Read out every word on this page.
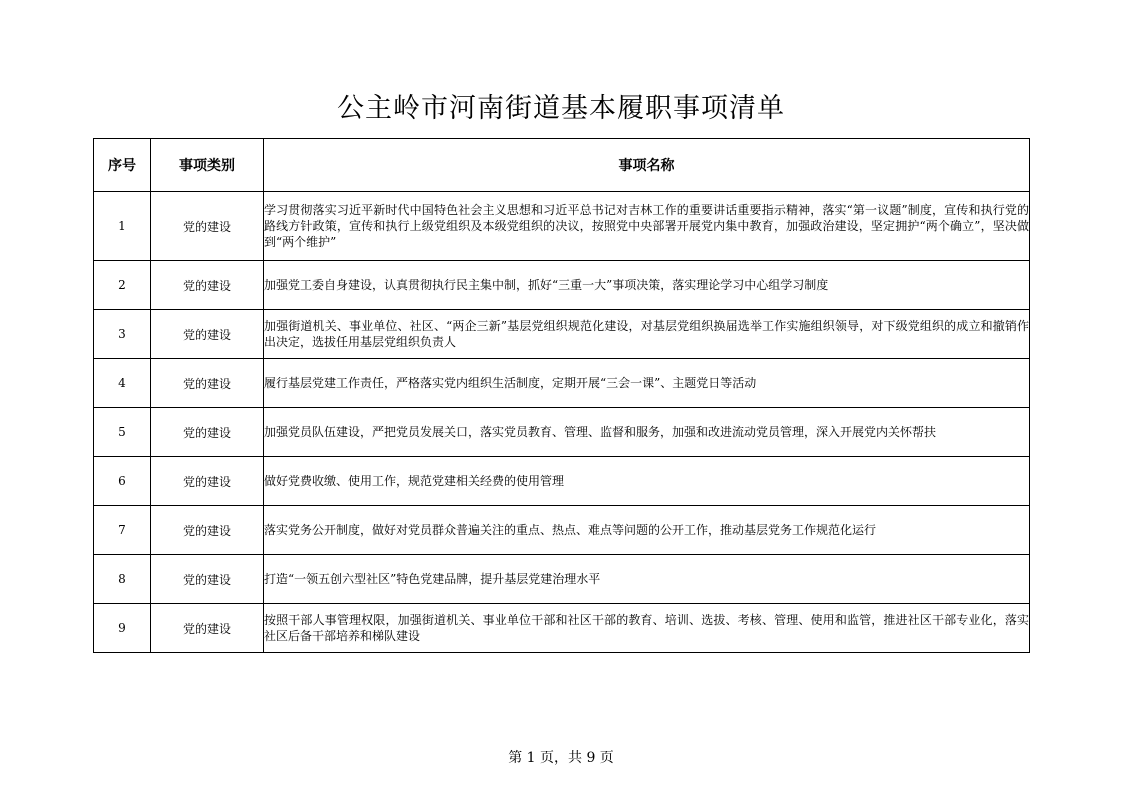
公主岭市河南街道基本履职事项清单
序号	事项类别	事项名称
1	党的建设	学习贯彻落实习近平新时代中国特色社会主义思想和习近平总书记对吉林工作的重要讲话重要指示精神，落实“第一议题”制度，宣传和执行党的路线方针政策，宣传和执行上级党组织及本级党组织的决议，按照党中央部署开展党内集中教育，加强政治建设，坚定拥护“两个确立”，坚决做到“两个维护”
2	党的建设	加强党工委自身建设，认真贯彻执行民主集中制，抓好“三重一大”事项决策，落实理论学习中心组学习制度
3	党的建设	加强街道机关、事业单位、社区、“两企三新”基层党组织规范化建设，对基层党组织换届选举工作实施组织领导，对下级党组织的成立和撤销作出决定，选拔任用基层党组织负责人
4	党的建设	履行基层党建工作责任，严格落实党内组织生活制度，定期开展“三会一课”、主题党日等活动
5	党的建设	加强党员队伍建设，严把党员发展关口，落实党员教育、管理、监督和服务，加强和改进流动党员管理，深入开展党内关怀帮扶
6	党的建设	做好党费收缴、使用工作，规范党建相关经费的使用管理
7	党的建设	落实党务公开制度，做好对党员群众普遍关注的重点、热点、难点等问题的公开工作，推动基层党务工作规范化运行
8	党的建设	打造“一领五创六型社区”特色党建品牌，提升基层党建治理水平
9	党的建设	按照干部人事管理权限，加强街道机关、事业单位干部和社区干部的教育、培训、选拔、考核、管理、使用和监管，推进社区干部专业化，落实社区后备干部培养和梯队建设
第 1 页，共 9 页
